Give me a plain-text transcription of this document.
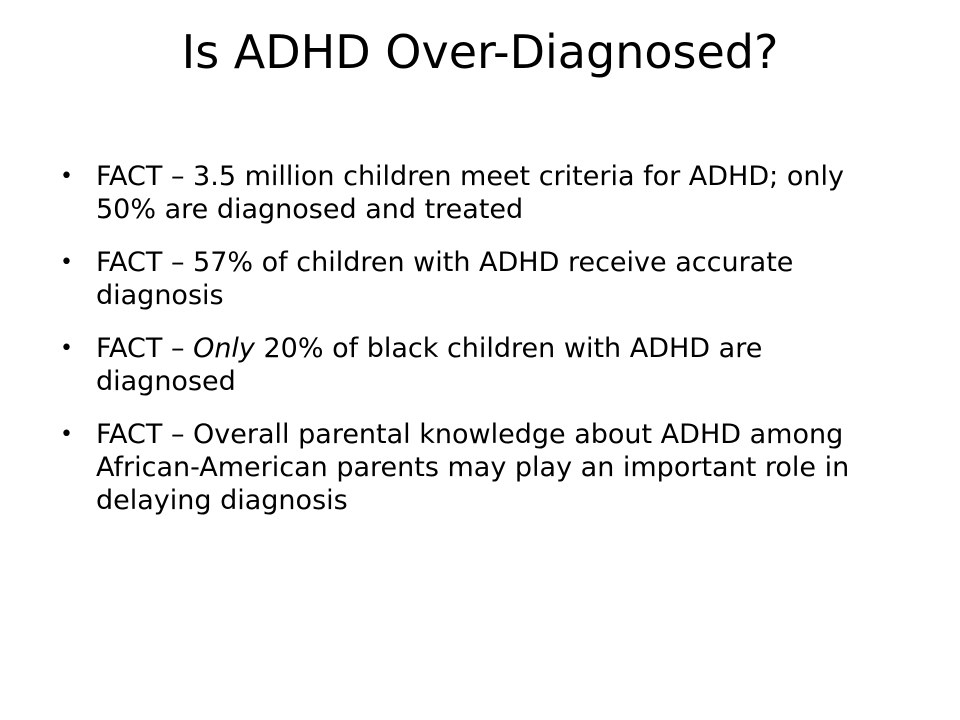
Is ADHD Over-Diagnosed?
• FACT – 3.5 million children meet criteria for ADHD; only 50% are diagnosed and treated
• FACT – 57% of children with ADHD receive accurate diagnosis
• FACT – Only 20% of black children with ADHD are diagnosed
• FACT – Overall parental knowledge about ADHD among African-American parents may play an important role in delaying diagnosis
